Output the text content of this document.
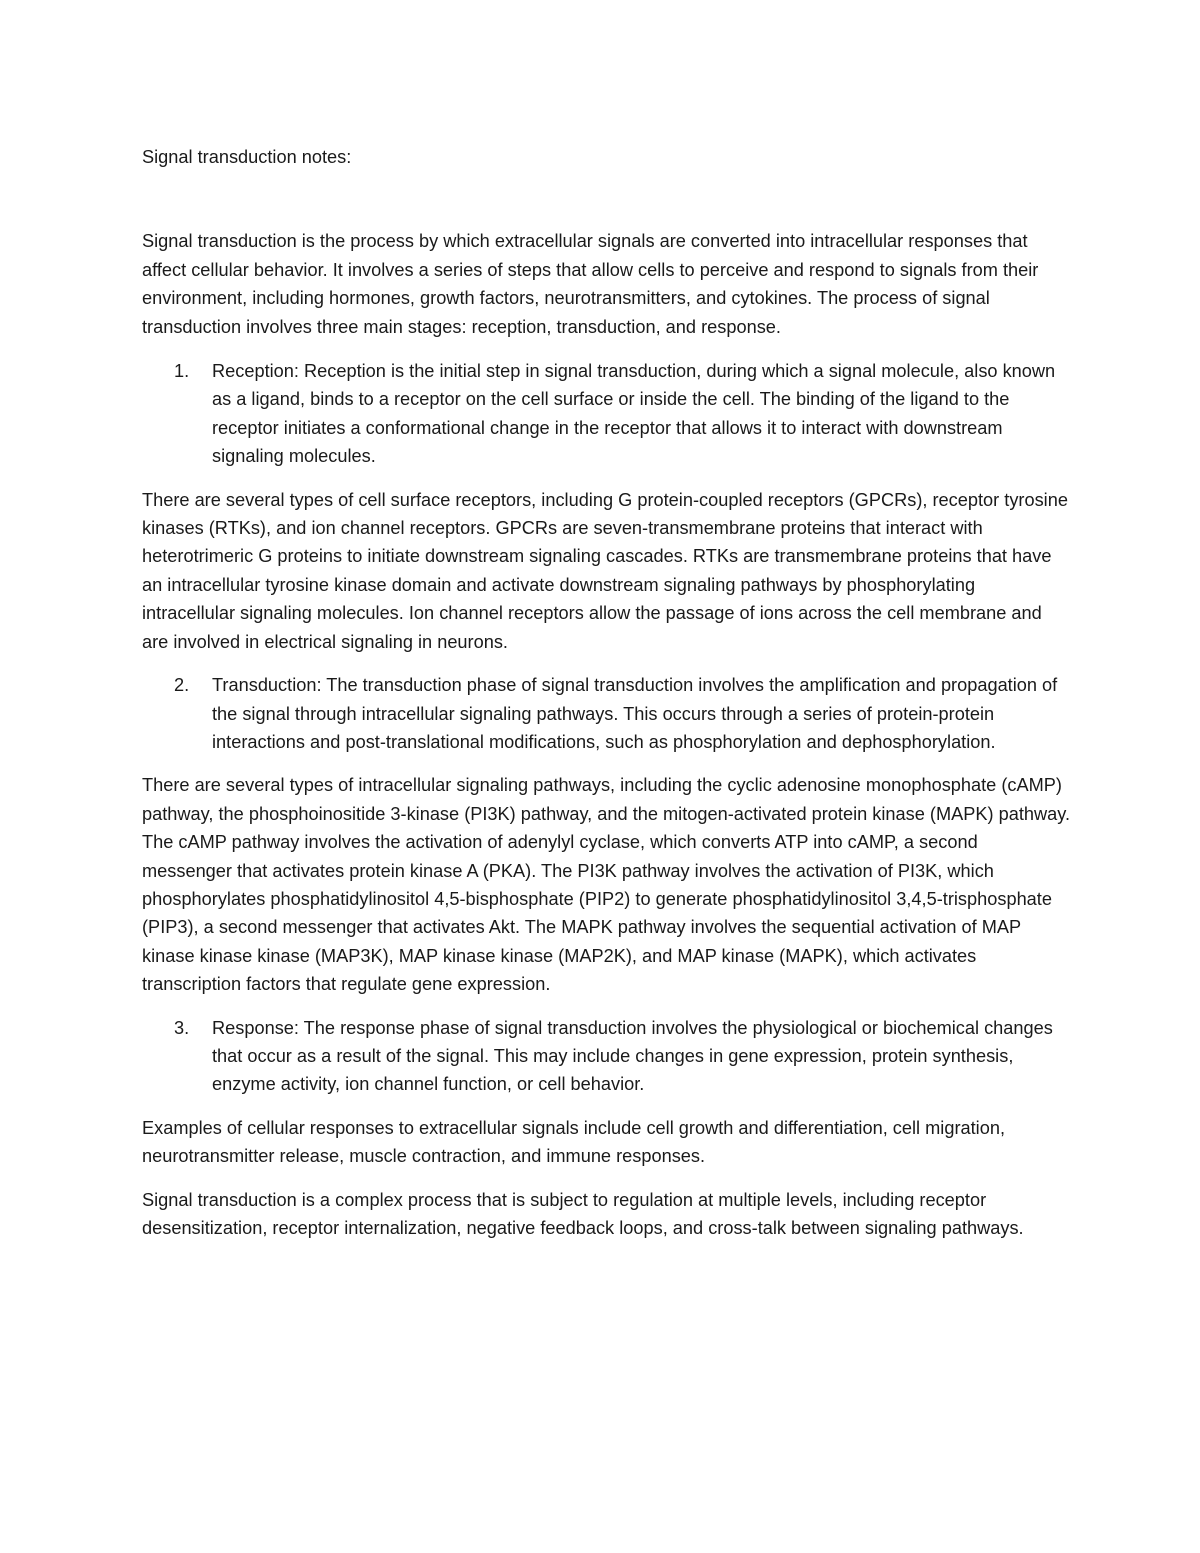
Signal transduction notes:

Signal transduction is the process by which extracellular signals are converted into intracellular responses that affect cellular behavior. It involves a series of steps that allow cells to perceive and respond to signals from their environment, including hormones, growth factors, neurotransmitters, and cytokines. The process of signal transduction involves three main stages: reception, transduction, and response.

1. Reception: Reception is the initial step in signal transduction, during which a signal molecule, also known as a ligand, binds to a receptor on the cell surface or inside the cell. The binding of the ligand to the receptor initiates a conformational change in the receptor that allows it to interact with downstream signaling molecules.

There are several types of cell surface receptors, including G protein-coupled receptors (GPCRs), receptor tyrosine kinases (RTKs), and ion channel receptors. GPCRs are seven-transmembrane proteins that interact with heterotrimeric G proteins to initiate downstream signaling cascades. RTKs are transmembrane proteins that have an intracellular tyrosine kinase domain and activate downstream signaling pathways by phosphorylating intracellular signaling molecules. Ion channel receptors allow the passage of ions across the cell membrane and are involved in electrical signaling in neurons.

2. Transduction: The transduction phase of signal transduction involves the amplification and propagation of the signal through intracellular signaling pathways. This occurs through a series of protein-protein interactions and post-translational modifications, such as phosphorylation and dephosphorylation.

There are several types of intracellular signaling pathways, including the cyclic adenosine monophosphate (cAMP) pathway, the phosphoinositide 3-kinase (PI3K) pathway, and the mitogen-activated protein kinase (MAPK) pathway. The cAMP pathway involves the activation of adenylyl cyclase, which converts ATP into cAMP, a second messenger that activates protein kinase A (PKA). The PI3K pathway involves the activation of PI3K, which phosphorylates phosphatidylinositol 4,5-bisphosphate (PIP2) to generate phosphatidylinositol 3,4,5-trisphosphate (PIP3), a second messenger that activates Akt. The MAPK pathway involves the sequential activation of MAP kinase kinase kinase (MAP3K), MAP kinase kinase (MAP2K), and MAP kinase (MAPK), which activates transcription factors that regulate gene expression.

3. Response: The response phase of signal transduction involves the physiological or biochemical changes that occur as a result of the signal. This may include changes in gene expression, protein synthesis, enzyme activity, ion channel function, or cell behavior.

Examples of cellular responses to extracellular signals include cell growth and differentiation, cell migration, neurotransmitter release, muscle contraction, and immune responses.

Signal transduction is a complex process that is subject to regulation at multiple levels, including receptor desensitization, receptor internalization, negative feedback loops, and cross-talk between signaling pathways.
